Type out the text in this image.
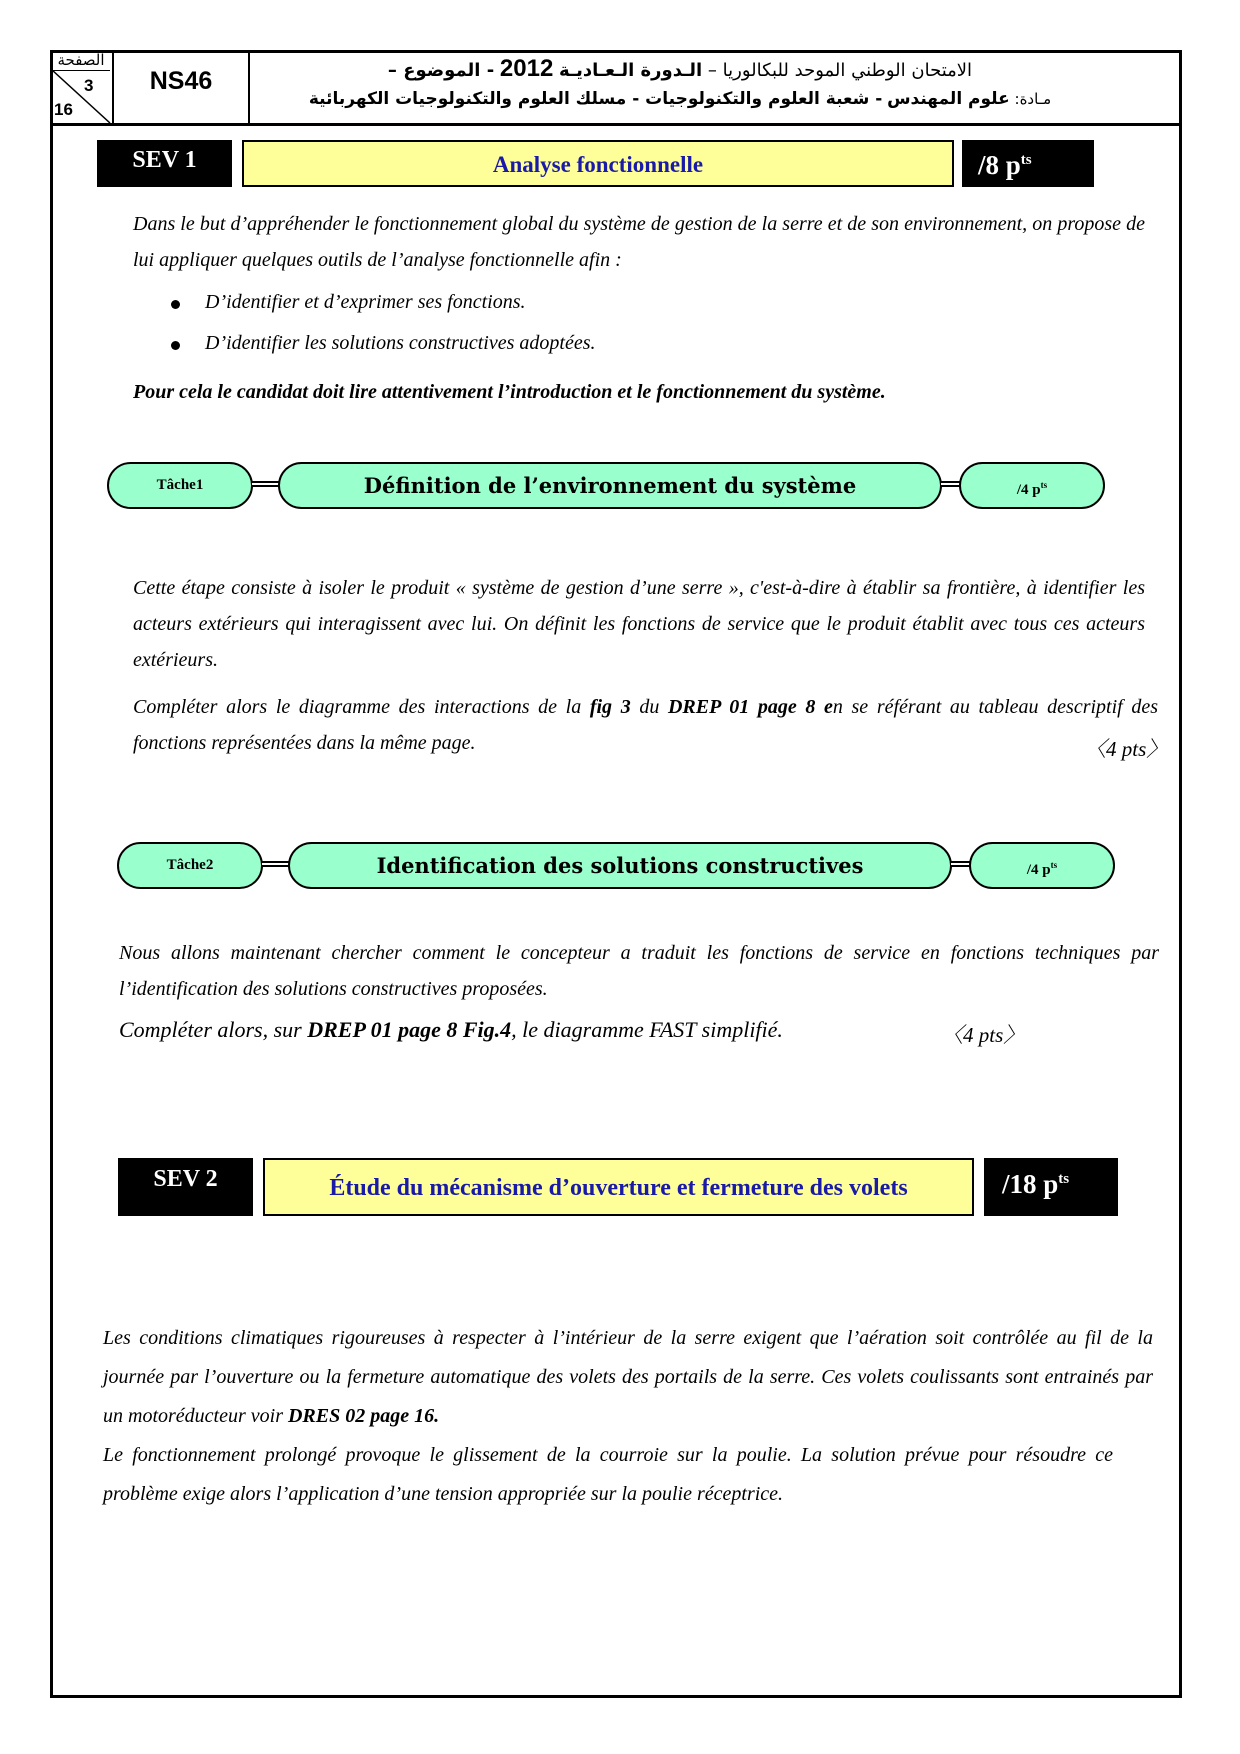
الصفحة
3
16
NS46	الامتحان الوطني الموحد للبكالوريا – الـدورة الـعـاديـة 2012 - الموضوع –
مـادة: علوم المهندس - شعبة العلوم والتكنولوجيات - مسلك العلوم والتكنولوجيات الكهربائية
SEV 1	Analyse fonctionnelle	/8 $p^{ts}$

Dans le but d’appréhender le fonctionnement global du système de gestion de la serre et de son environnement, on propose de lui appliquer quelques outils de l’analyse fonctionnelle afin :

D’identifier et d’exprimer ses fonctions.
D’identifier les solutions constructives adoptées.
Pour cela le candidat doit lire attentivement l’introduction et le fonctionnement du système.
Tâche1	Définition de l’environnement du système	/4 $p^{ts}$

Cette étape consiste à isoler le produit « système de gestion d’une serre », c'est-à-dire à établir sa frontière, à identifier les acteurs extérieurs qui interagissent avec lui. On définit les fonctions de service que le produit établit avec tous ces acteurs extérieurs.

Compléter alors le diagramme des interactions de la fig 3 du DREP 01 page 8 en se référant au tableau descriptif des fonctions représentées dans la même page.	〈4 pts〉
Tâche2	Identification des solutions constructives	/4 $p^{ts}$

Nous allons maintenant chercher comment le concepteur a traduit les fonctions de service en fonctions techniques par l’identification des solutions constructives proposées.

Compléter alors, sur DREP 01 page 8 Fig.4, le diagramme FAST simplifié.	〈4 pts〉
SEV 2	Étude du mécanisme d’ouverture et fermeture des volets	/18 $p^{ts}$

Les conditions climatiques rigoureuses à respecter à l’intérieur de la serre exigent que l’aération soit contrôlée au fil de la journée par l’ouverture ou la fermeture automatique des volets des portails de la serre. Ces volets coulissants sont entrainés par un motoréducteur voir DRES 02 page 16.

Le fonctionnement prolongé provoque le glissement de la courroie sur la poulie. La solution prévue pour résoudre ce problème exige alors l’application d’une tension appropriée sur la poulie réceptrice.
